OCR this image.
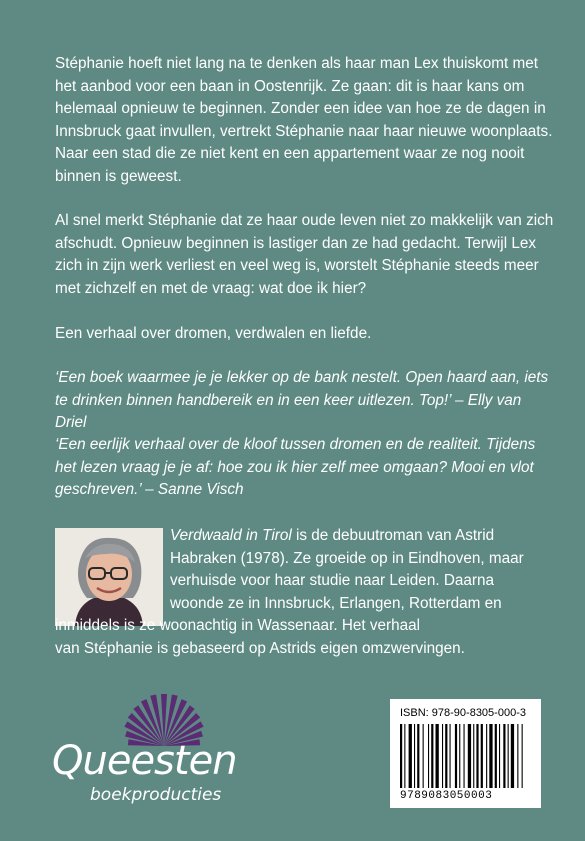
Stéphanie hoeft niet lang na te denken als haar man Lex thuiskomt met het aanbod voor een baan in Oostenrijk. Ze gaan: dit is haar kans om helemaal opnieuw te beginnen. Zonder een idee van hoe ze de dagen in Innsbruck gaat invullen, vertrekt Stéphanie naar haar nieuwe woonplaats. Naar een stad die ze niet kent en een appartement waar ze nog nooit binnen is geweest.

Al snel merkt Stéphanie dat ze haar oude leven niet zo makkelijk van zich afschudt. Opnieuw beginnen is lastiger dan ze had gedacht. Terwijl Lex zich in zijn werk verliest en veel weg is, worstelt Stéphanie steeds meer met zichzelf en met de vraag: wat doe ik hier?

Een verhaal over dromen, verdwalen en liefde.

‘Een boek waarmee je je lekker op de bank nestelt. Open haard aan, iets te drinken binnen handbereik en in een keer uitlezen. Top!’ – Elly van Driel

‘Een eerlijk verhaal over de kloof tussen dromen en de realiteit. Tijdens het lezen vraag je je af: hoe zou ik hier zelf mee omgaan? Mooi en vlot geschreven.’ – Sanne Visch

Verdwaald in Tirol is de debuutroman van Astrid
Habraken (1978). Ze groeide op in Eindhoven, maar
verhuisde voor haar studie naar Leiden. Daarna
woonde ze in Innsbruck, Erlangen, Rotterdam en
inmiddels is ze woonachtig in Wassenaar. Het verhaal
van Stéphanie is gebaseerd op Astrids eigen omzwervingen.
Queesten
boekproducties
ISBN: 978-90-8305-000-3
9789083050003
